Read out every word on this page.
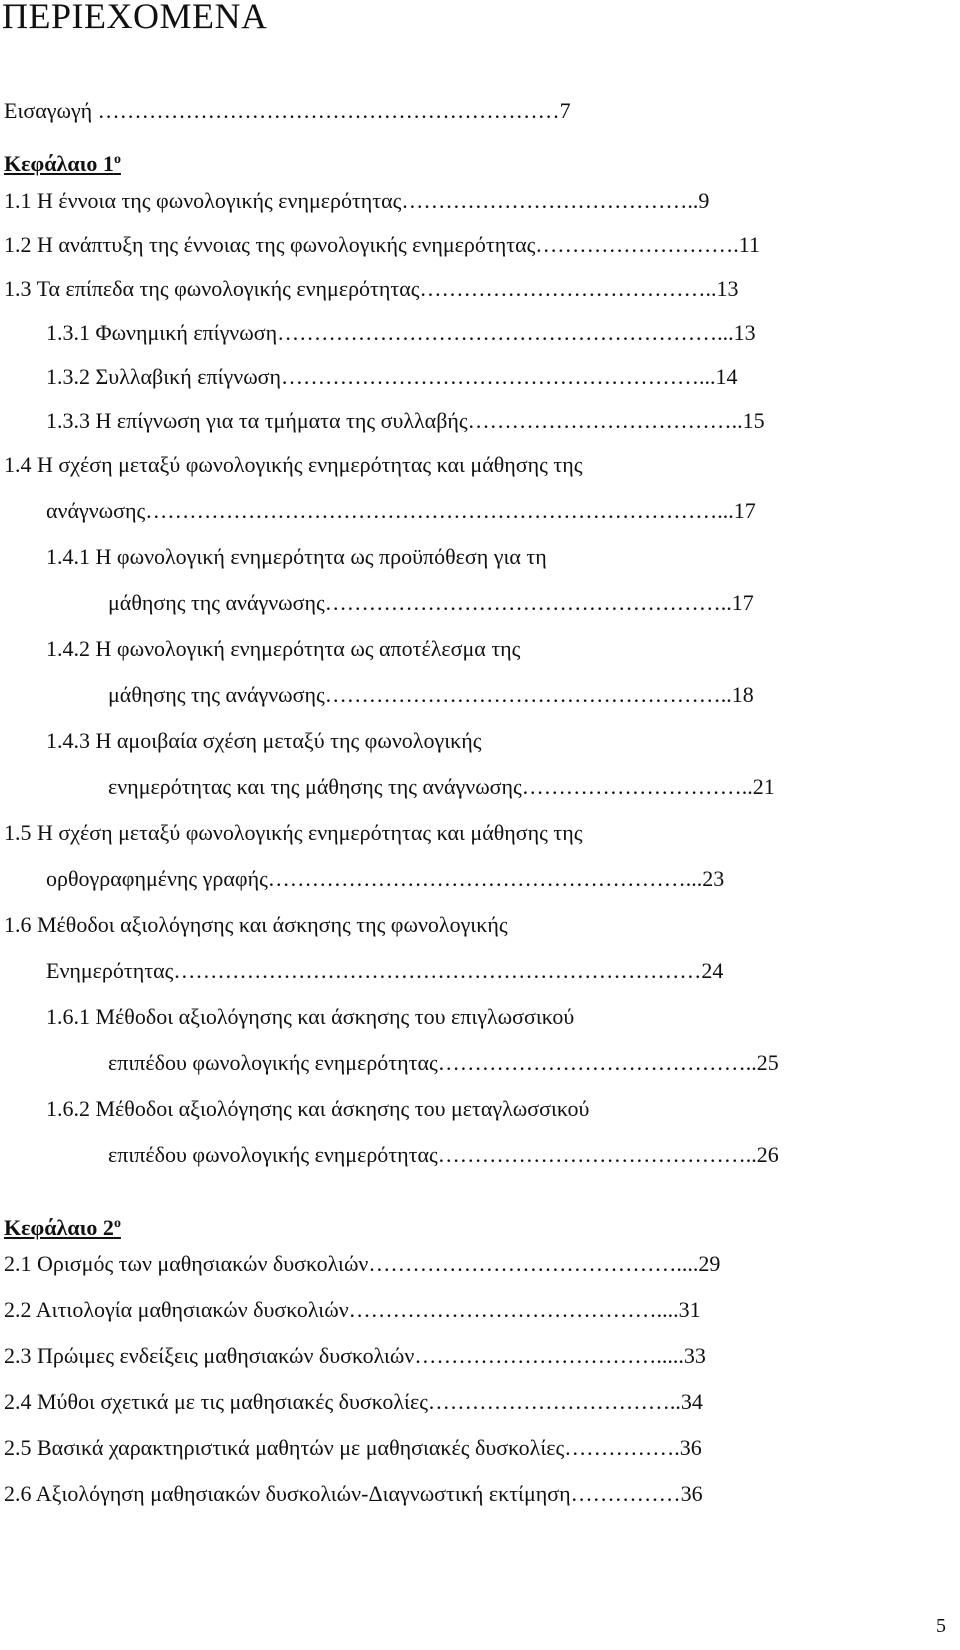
ΠΕΡΙΕΧΟΜΕΝΑ
Εισαγωγή ………………………………………………………7
Κεφάλαιο $1^o$
1.1 Η έννοια της φωνολογικής ενημερότητας…………………………………..9
1.2 Η ανάπτυξη της έννοιας της φωνολογικής ενημερότητας……………………….11
1.3 Τα επίπεδα της φωνολογικής ενημερότητας…………………………………..13
1.3.1 Φωνημική επίγνωση……………………………………………………...13
1.3.2 Συλλαβική επίγνωση…………………………………………………...14
1.3.3 Η επίγνωση για τα τμήματα της συλλαβής………………………………..15
1.4 Η σχέση μεταξύ φωνολογικής ενημερότητας και μάθησης της
ανάγνωσης……………………………………………………………………...17
1.4.1 Η φωνολογική ενημερότητα ως προϋπόθεση για τη
μάθησης της ανάγνωσης………………………………………………..17
1.4.2 Η φωνολογική ενημερότητα ως αποτέλεσμα της
μάθησης της ανάγνωσης………………………………………………..18
1.4.3 Η αμοιβαία σχέση μεταξύ της φωνολογικής
ενημερότητας και της μάθησης της ανάγνωσης…………………………..21
1.5 Η σχέση μεταξύ φωνολογικής ενημερότητας και μάθησης της
ορθογραφημένης γραφής…………………………………………………...23
1.6 Μέθοδοι αξιολόγησης και άσκησης της φωνολογικής
Ενημερότητας………………………………………………………………24
1.6.1 Μέθοδοι αξιολόγησης και άσκησης του επιγλωσσικού
επιπέδου φωνολογικής ενημερότητας……………………………………..25
1.6.2 Μέθοδοι αξιολόγησης και άσκησης του μεταγλωσσικού
επιπέδου φωνολογικής ενημερότητας……………………………………..26
Κεφάλαιο $2^o$
2.1 Ορισμός των μαθησιακών δυσκολιών……………………………………....29
2.2 Αιτιολογία μαθησιακών δυσκολιών……………………………………....31
2.3 Πρώιμες ενδείξεις μαθησιακών δυσκολιών…………………………….....33
2.4 Μύθοι σχετικά με τις μαθησιακές δυσκολίες……………………………..34
2.5 Βασικά χαρακτηριστικά μαθητών με μαθησιακές δυσκολίες…………….36
2.6 Αξιολόγηση μαθησιακών δυσκολιών-Διαγνωστική εκτίμηση……………36
5
